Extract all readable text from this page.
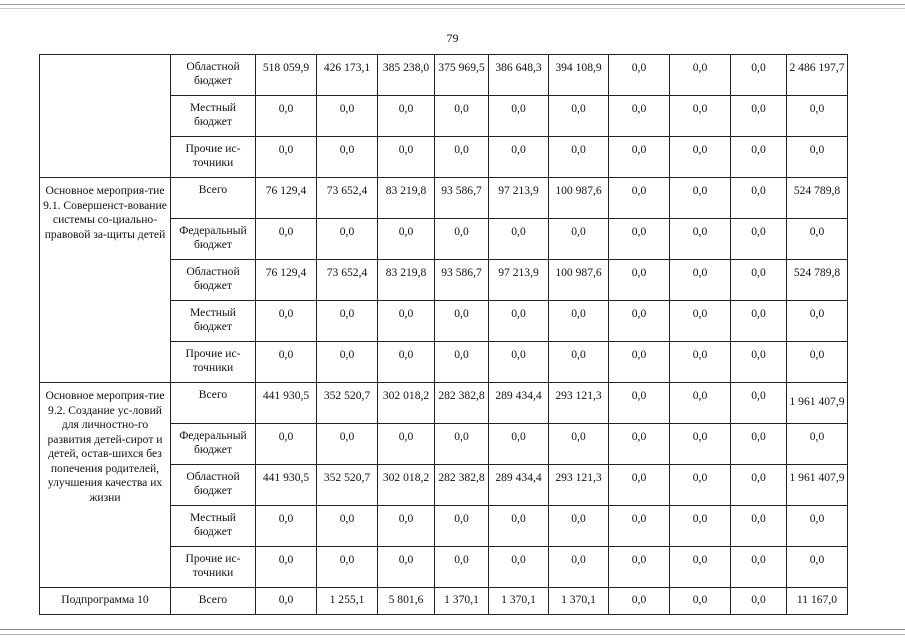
79
	Областной бюджет	518 059,9	426 173,1	385 238,0	375 969,5	386 648,3	394 108,9	0,0	0,0	0,0	2 486 197,7
	Местный бюджет	0,0	0,0	0,0	0,0	0,0	0,0	0,0	0,0	0,0	0,0
	Прочие ис-точники	0,0	0,0	0,0	0,0	0,0	0,0	0,0	0,0	0,0	0,0
Основное мероприя-тие 9.1. Совершенст-вование системы со-циально-правовой за-щиты детей	Всего	76 129,4	73 652,4	83 219,8	93 586,7	97 213,9	100 987,6	0,0	0,0	0,0	524 789,8
	Федеральный бюджет	0,0	0,0	0,0	0,0	0,0	0,0	0,0	0,0	0,0	0,0
	Областной бюджет	76 129,4	73 652,4	83 219,8	93 586,7	97 213,9	100 987,6	0,0	0,0	0,0	524 789,8
	Местный бюджет	0,0	0,0	0,0	0,0	0,0	0,0	0,0	0,0	0,0	0,0
	Прочие ис-точники	0,0	0,0	0,0	0,0	0,0	0,0	0,0	0,0	0,0	0,0
Основное мероприя-тие 9.2. Создание ус-ловий для личностно-го развития детей-сирот и детей, остав-шихся без попечения родителей, улучшения качества их жизни	Всего	441 930,5	352 520,7	302 018,2	282 382,8	289 434,4	293 121,3	0,0	0,0	0,0	1 961 407,9
	Федеральный бюджет	0,0	0,0	0,0	0,0	0,0	0,0	0,0	0,0	0,0	0,0
	Областной бюджет	441 930,5	352 520,7	302 018,2	282 382,8	289 434,4	293 121,3	0,0	0,0	0,0	1 961 407,9
	Местный бюджет	0,0	0,0	0,0	0,0	0,0	0,0	0,0	0,0	0,0	0,0
	Прочие ис-точники	0,0	0,0	0,0	0,0	0,0	0,0	0,0	0,0	0,0	0,0
Подпрограмма 10	Всего	0,0	1 255,1	5 801,6	1 370,1	1 370,1	1 370,1	0,0	0,0	0,0	11 167,0
